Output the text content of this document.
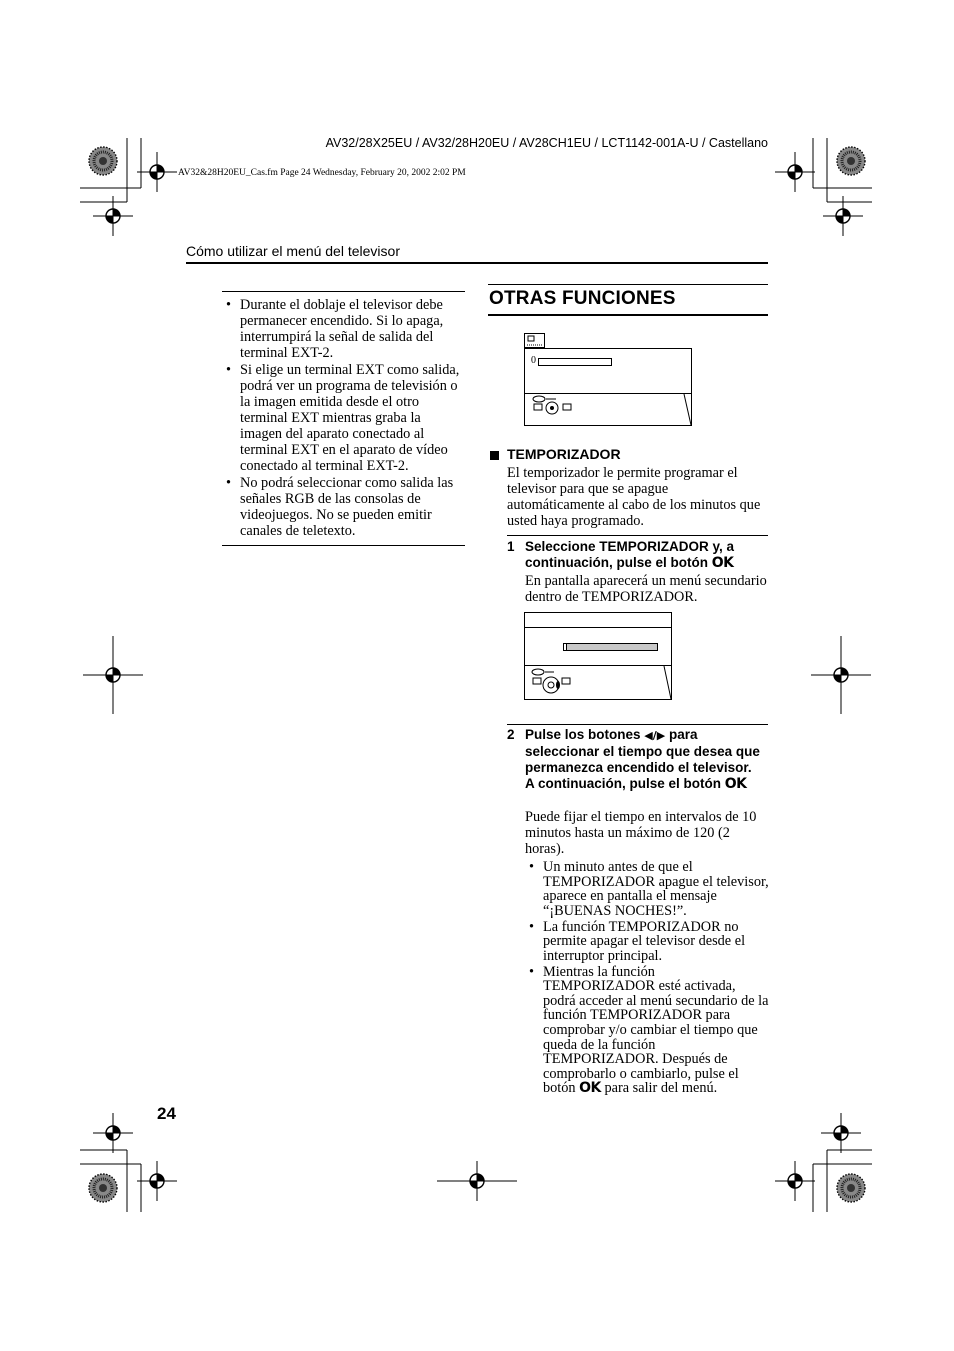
AV32/28X25EU / AV32/28H20EU / AV28CH1EU / LCT1142-001A-U / Castellano
AV32&28H20EU_Cas.fm Page 24 Wednesday, February 20, 2002 2:02 PM
Cómo utilizar el menú del televisor
• Durante el doblaje el televisor debe permanecer encendido. Si lo apaga, interrumpirá la señal de salida del terminal EXT-2.
• Si elige un terminal EXT como salida, podrá ver un programa de televisión o la imagen emitida desde el otro terminal EXT mientras graba la imagen del aparato conectado al terminal EXT en el aparato de vídeo conectado al terminal EXT-2.
• No podrá seleccionar como salida las señales RGB de las consolas de videojuegos. No se pueden emitir canales de teletexto.
OTRAS FUNCIONES
0
TEMPORIZADOR
El temporizador le permite programar el televisor para que se apague automáticamente al cabo de los minutos que usted haya programado.
1 Seleccione TEMPORIZADOR y, a continuación, pulse el botón OK
En pantalla aparecerá un menú secundario dentro de TEMPORIZADOR.
2 Pulse los botones ◀/▶ para seleccionar el tiempo que desea que permanezca encendido el televisor.
A continuación, pulse el botón OK
Puede fijar el tiempo en intervalos de 10 minutos hasta un máximo de 120 (2 horas).
• Un minuto antes de que el TEMPORIZADOR apague el televisor, aparece en pantalla el mensaje “¡BUENAS NOCHES!”.
• La función TEMPORIZADOR no permite apagar el televisor desde el interruptor principal.
• Mientras la función TEMPORIZADOR esté activada, podrá acceder al menú secundario de la función TEMPORIZADOR para comprobar y/o cambiar el tiempo que queda de la función TEMPORIZADOR. Después de comprobarlo o cambiarlo, pulse el botón OK para salir del menú.
24
